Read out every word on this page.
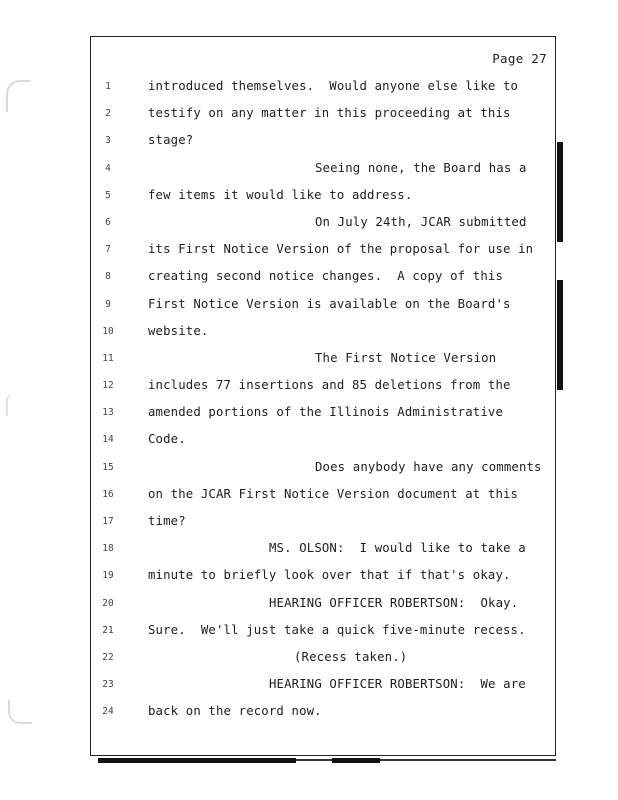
Page 27
1
2
3
4
5
6
7
8
9
10
11
12
13
14
15
16
17
18
19
20
21
22
23
24
introduced themselves.  Would anyone else like to
testify on any matter in this proceeding at this
stage?
Seeing none, the Board has a
few items it would like to address.
On July 24th, JCAR submitted
its First Notice Version of the proposal for use in
creating second notice changes.  A copy of this
First Notice Version is available on the Board's
website.
The First Notice Version
includes 77 insertions and 85 deletions from the
amended portions of the Illinois Administrative
Code.
Does anybody have any comments
on the JCAR First Notice Version document at this
time?
MS. OLSON:  I would like to take a
minute to briefly look over that if that's okay.
HEARING OFFICER ROBERTSON:  Okay.
Sure.  We'll just take a quick five-minute recess.
(Recess taken.)
HEARING OFFICER ROBERTSON:  We are
back on the record now.
